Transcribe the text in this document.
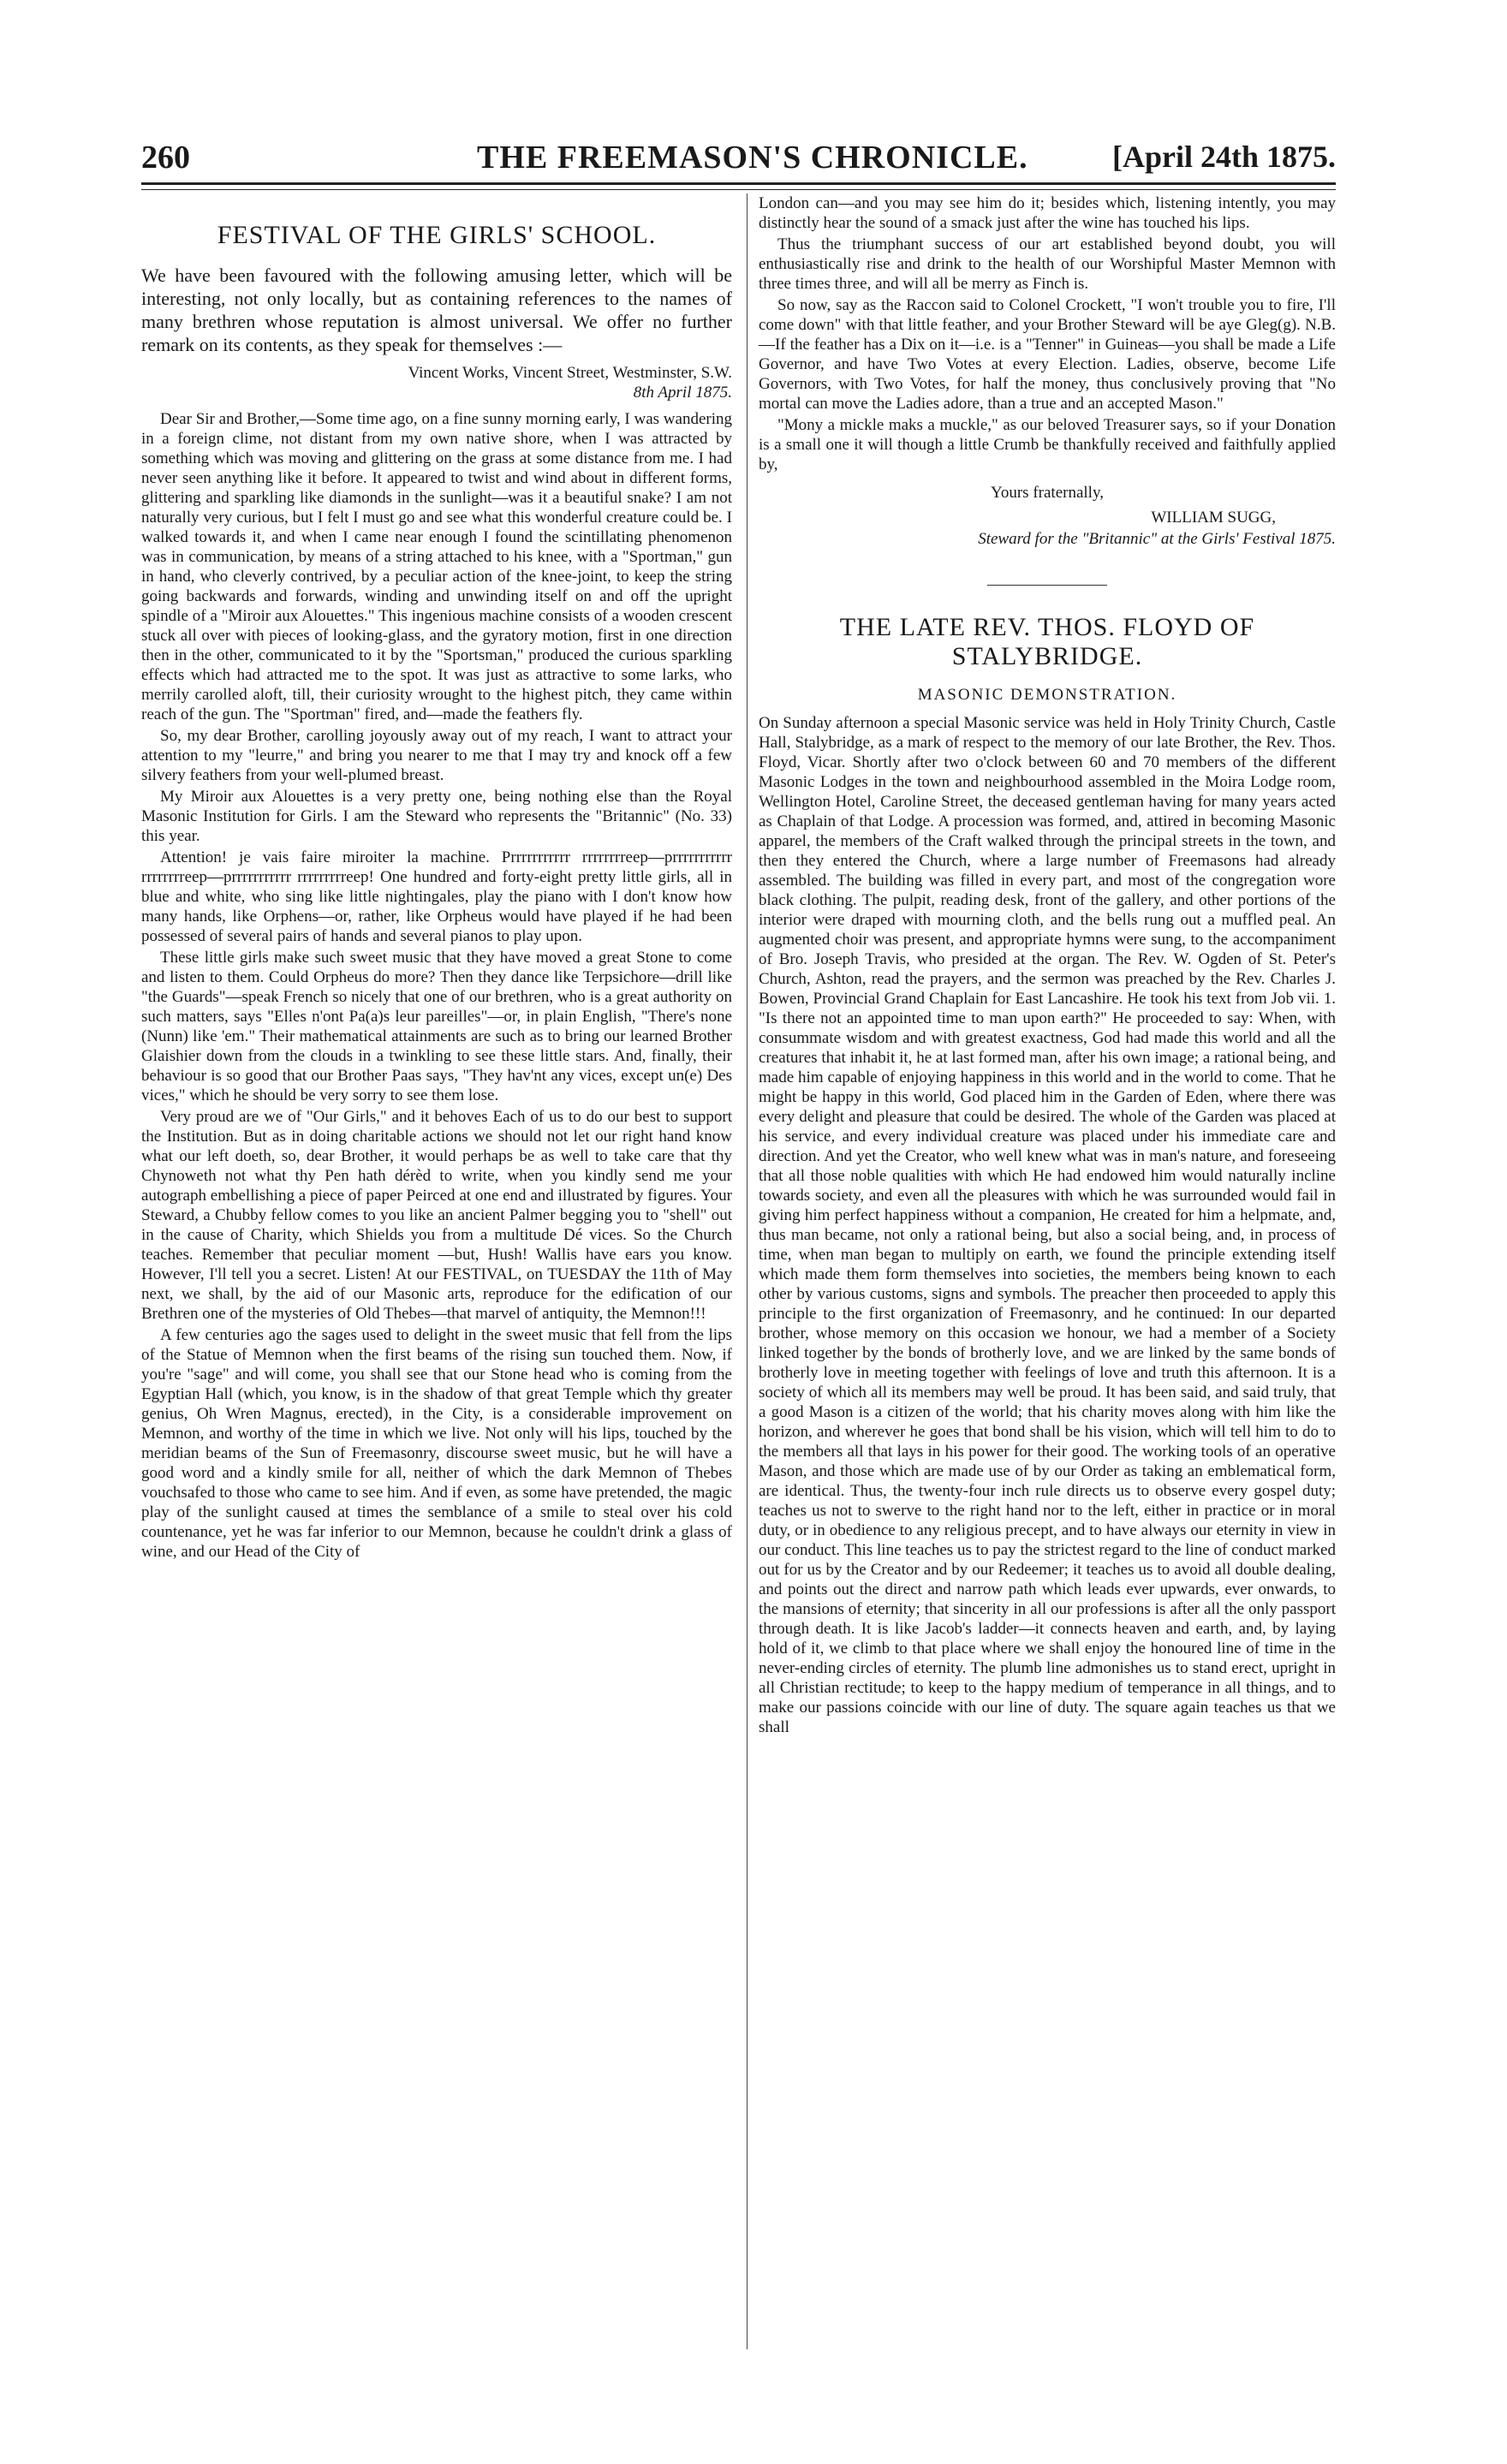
260	THE FREEMASON'S CHRONICLE.	[April 24th 1875.
FESTIVAL OF THE GIRLS' SCHOOL.

We have been favoured with the following amusing letter, which will be interesting, not only locally, but as containing references to the names of many brethren whose reputation is almost universal. We offer no further remark on its contents, as they speak for themselves :—

Vincent Works, Vincent Street, Westminster, S.W.

8th April 1875.

Dear Sir and Brother,—Some time ago, on a fine sunny morning early, I was wandering in a foreign clime, not distant from my own native shore, when I was attracted by something which was moving and glittering on the grass at some distance from me. I had never seen anything like it before. It appeared to twist and wind about in different forms, glittering and sparkling like diamonds in the sunlight—was it a beautiful snake? I am not naturally very curious, but I felt I must go and see what this wonderful creature could be. I walked towards it, and when I came near enough I found the scintillating phenomenon was in communication, by means of a string attached to his knee, with a "Sportman," gun in hand, who cleverly contrived, by a peculiar action of the knee-joint, to keep the string going backwards and forwards, winding and unwinding itself on and off the upright spindle of a "Miroir aux Alouettes." This ingenious machine consists of a wooden crescent stuck all over with pieces of looking-glass, and the gyratory motion, first in one direction then in the other, communicated to it by the "Sportsman," produced the curious sparkling effects which had attracted me to the spot. It was just as attractive to some larks, who merrily carolled aloft, till, their curiosity wrought to the highest pitch, they came within reach of the gun. The "Sportman" fired, and—made the feathers fly.

So, my dear Brother, carolling joyously away out of my reach, I want to attract your attention to my "leurre," and bring you nearer to me that I may try and knock off a few silvery feathers from your well-plumed breast.

My Miroir aux Alouettes is a very pretty one, being nothing else than the Royal Masonic Institution for Girls. I am the Steward who represents the "Britannic" (No. 33) this year.

Attention! je vais faire miroiter la machine. Prrrrrrrrrrr rrrrrrrreep—prrrrrrrrrrr rrrrrrrreep—prrrrrrrrrrr rrrrrrrrreep! One hundred and forty-eight pretty little girls, all in blue and white, who sing like little nightingales, play the piano with I don't know how many hands, like Orphens—or, rather, like Orpheus would have played if he had been possessed of several pairs of hands and several pianos to play upon.

These little girls make such sweet music that they have moved a great Stone to come and listen to them. Could Orpheus do more? Then they dance like Terpsichore—drill like "the Guards"—speak French so nicely that one of our brethren, who is a great authority on such matters, says "Elles n'ont Pa(a)s leur pareilles"—or, in plain English, "There's none (Nunn) like 'em." Their mathematical attainments are such as to bring our learned Brother Glaishier down from the clouds in a twinkling to see these little stars. And, finally, their behaviour is so good that our Brother Paas says, "They hav'nt any vices, except un(e) Des vices," which he should be very sorry to see them lose.

Very proud are we of "Our Girls," and it behoves Each of us to do our best to support the Institution. But as in doing charitable actions we should not let our right hand know what our left doeth, so, dear Brother, it would perhaps be as well to take care that thy Chynoweth not what thy Pen hath dérèd to write, when you kindly send me your autograph embellishing a piece of paper Peirced at one end and illustrated by figures. Your Steward, a Chubby fellow comes to you like an ancient Palmer begging you to "shell" out in the cause of Charity, which Shields you from a multitude Dé vices. So the Church teaches. Remember that peculiar moment —but, Hush! Wallis have ears you know. However, I'll tell you a secret. Listen! At our FESTIVAL, on TUESDAY the 11th of May next, we shall, by the aid of our Masonic arts, reproduce for the edification of our Brethren one of the mysteries of Old Thebes—that marvel of antiquity, the Memnon!!!

A few centuries ago the sages used to delight in the sweet music that fell from the lips of the Statue of Memnon when the first beams of the rising sun touched them. Now, if you're "sage" and will come, you shall see that our Stone head who is coming from the Egyptian Hall (which, you know, is in the shadow of that great Temple which thy greater genius, Oh Wren Magnus, erected), in the City, is a considerable improvement on Memnon, and worthy of the time in which we live. Not only will his lips, touched by the meridian beams of the Sun of Freemasonry, discourse sweet music, but he will have a good word and a kindly smile for all, neither of which the dark Memnon of Thebes vouchsafed to those who came to see him. And if even, as some have pretended, the magic play of the sunlight caused at times the semblance of a smile to steal over his cold countenance, yet he was far inferior to our Memnon, because he couldn't drink a glass of wine, and our Head of the City of

London can—and you may see him do it; besides which, listening intently, you may distinctly hear the sound of a smack just after the wine has touched his lips.

Thus the triumphant success of our art established beyond doubt, you will enthusiastically rise and drink to the health of our Worshipful Master Memnon with three times three, and will all be merry as Finch is.

So now, say as the Raccon said to Colonel Crockett, "I won't trouble you to fire, I'll come down" with that little feather, and your Brother Steward will be aye Gleg(g). N.B.—If the feather has a Dix on it—i.e. is a "Tenner" in Guineas—you shall be made a Life Governor, and have Two Votes at every Election. Ladies, observe, become Life Governors, with Two Votes, for half the money, thus conclusively proving that "No mortal can move the Ladies adore, than a true and an accepted Mason."

"Mony a mickle maks a muckle," as our beloved Treasurer says, so if your Donation is a small one it will though a little Crumb be thankfully received and faithfully applied by,

Yours fraternally,

WILLIAM SUGG,

Steward for the "Britannic" at the Girls' Festival 1875.

THE LATE REV. THOS. FLOYD OF STALYBRIDGE.
MASONIC DEMONSTRATION.

On Sunday afternoon a special Masonic service was held in Holy Trinity Church, Castle Hall, Stalybridge, as a mark of respect to the memory of our late Brother, the Rev. Thos. Floyd, Vicar. Shortly after two o'clock between 60 and 70 members of the different Masonic Lodges in the town and neighbourhood assembled in the Moira Lodge room, Wellington Hotel, Caroline Street, the deceased gentleman having for many years acted as Chaplain of that Lodge. A procession was formed, and, attired in becoming Masonic apparel, the members of the Craft walked through the principal streets in the town, and then they entered the Church, where a large number of Freemasons had already assembled. The building was filled in every part, and most of the congregation wore black clothing. The pulpit, reading desk, front of the gallery, and other portions of the interior were draped with mourning cloth, and the bells rung out a muffled peal. An augmented choir was present, and appropriate hymns were sung, to the accompaniment of Bro. Joseph Travis, who presided at the organ. The Rev. W. Ogden of St. Peter's Church, Ashton, read the prayers, and the sermon was preached by the Rev. Charles J. Bowen, Provincial Grand Chaplain for East Lancashire. He took his text from Job vii. 1. "Is there not an appointed time to man upon earth?" He proceeded to say: When, with consummate wisdom and with greatest exactness, God had made this world and all the creatures that inhabit it, he at last formed man, after his own image; a rational being, and made him capable of enjoying happiness in this world and in the world to come. That he might be happy in this world, God placed him in the Garden of Eden, where there was every delight and pleasure that could be desired. The whole of the Garden was placed at his service, and every individual creature was placed under his immediate care and direction. And yet the Creator, who well knew what was in man's nature, and foreseeing that all those noble qualities with which He had endowed him would naturally incline towards society, and even all the pleasures with which he was surrounded would fail in giving him perfect happiness without a companion, He created for him a helpmate, and, thus man became, not only a rational being, but also a social being, and, in process of time, when man began to multiply on earth, we found the principle extending itself which made them form themselves into societies, the members being known to each other by various customs, signs and symbols. The preacher then proceeded to apply this principle to the first organization of Freemasonry, and he continued: In our departed brother, whose memory on this occasion we honour, we had a member of a Society linked together by the bonds of brotherly love, and we are linked by the same bonds of brotherly love in meeting together with feelings of love and truth this afternoon. It is a society of which all its members may well be proud. It has been said, and said truly, that a good Mason is a citizen of the world; that his charity moves along with him like the horizon, and wherever he goes that bond shall be his vision, which will tell him to do to the members all that lays in his power for their good. The working tools of an operative Mason, and those which are made use of by our Order as taking an emblematical form, are identical. Thus, the twenty-four inch rule directs us to observe every gospel duty; teaches us not to swerve to the right hand nor to the left, either in practice or in moral duty, or in obedience to any religious precept, and to have always our eternity in view in our conduct. This line teaches us to pay the strictest regard to the line of conduct marked out for us by the Creator and by our Redeemer; it teaches us to avoid all double dealing, and points out the direct and narrow path which leads ever upwards, ever onwards, to the mansions of eternity; that sincerity in all our professions is after all the only passport through death. It is like Jacob's ladder—it connects heaven and earth, and, by laying hold of it, we climb to that place where we shall enjoy the honoured line of time in the never-ending circles of eternity. The plumb line admonishes us to stand erect, upright in all Christian rectitude; to keep to the happy medium of temperance in all things, and to make our passions coincide with our line of duty. The square again teaches us that we shall
